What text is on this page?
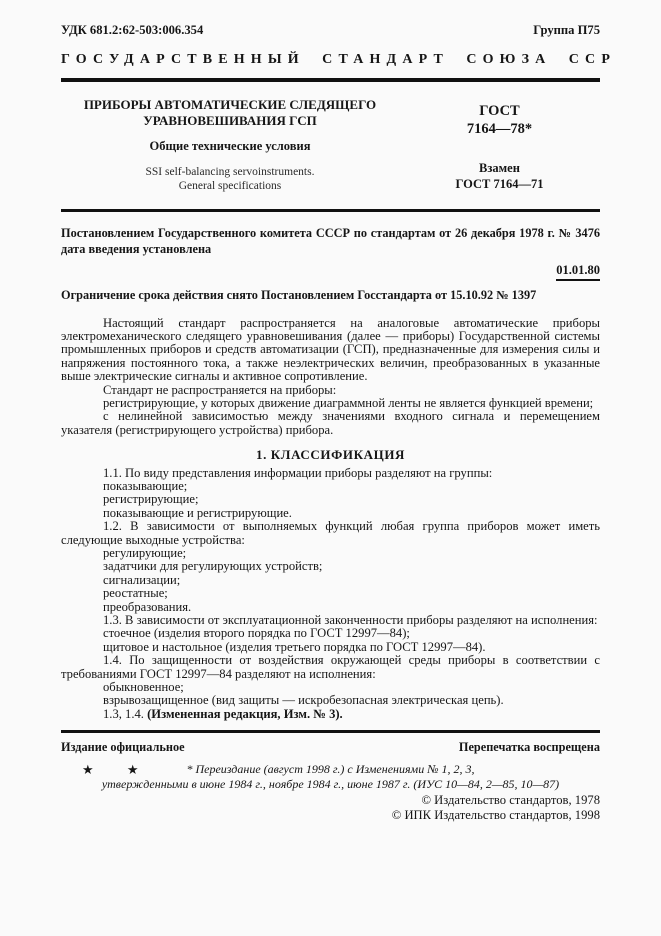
УДК 681.2:62-503:006.354	Группа П75
ГОСУДАРСТВЕННЫЙ СТАНДАРТ СОЮЗА ССР
ПРИБОРЫ АВТОМАТИЧЕСКИЕ СЛЕДЯЩЕГО
УРАВНОВЕШИВАНИЯ ГСП
Общие технические условия
SSI self-balancing servoinstruments.
General specifications
ГОСТ
7164—78*
Взамен
ГОСТ 7164—71

Постановлением Государственного комитета СССР по стандартам от 26 декабря 1978 г. № 3476 дата введения установлена

01.01.80

Ограничение срока действия снято Постановлением Госстандарта от 15.10.92 № 1397

Настоящий стандарт распространяется на аналоговые автоматические приборы электромеханического следящего уравновешивания (далее — приборы) Государственной системы промышленных приборов и средств автоматизации (ГСП), предназначенные для измерения силы и напряжения постоянного тока, а также неэлектрических величин, преобразованных в указанные выше электрические сигналы и активное сопротивление.

Стандарт не распространяется на приборы:

регистрирующие, у которых движение диаграммной ленты не является функцией времени;

с нелинейной зависимостью между значениями входного сигнала и перемещением указателя (регистрирующего устройства) прибора.

1. КЛАССИФИКАЦИЯ

1.1. По виду представления информации приборы разделяют на группы:

показывающие;

регистрирующие;

показывающие и регистрирующие.

1.2. В зависимости от выполняемых функций любая группа приборов может иметь следующие выходные устройства:

регулирующие;

задатчики для регулирующих устройств;

сигнализации;

реостатные;

преобразования.

1.3. В зависимости от эксплуатационной законченности приборы разделяют на исполнения:

стоечное (изделия второго порядка по ГОСТ 12997—84);

щитовое и настольное (изделия третьего порядка по ГОСТ 12997—84).

1.4. По защищенности от воздействия окружающей среды приборы в соответствии с требованиями ГОСТ 12997—84 разделяют на исполнения:

обыкновенное;

взрывозащищенное (вид защиты — искробезопасная электрическая цепь).

1.3, 1.4. (Измененная редакция, Изм. № 3).

Издание официальное	Перепечатка воспрещена
★ ★	* Переиздание (август 1998 г.) с Изменениями № 1, 2, 3,
утвержденными в июне 1984 г., ноябре 1984 г., июне 1987 г. (ИУС 10—84, 2—85, 10—87)
© Издательство стандартов, 1978
© ИПК Издательство стандартов, 1998
